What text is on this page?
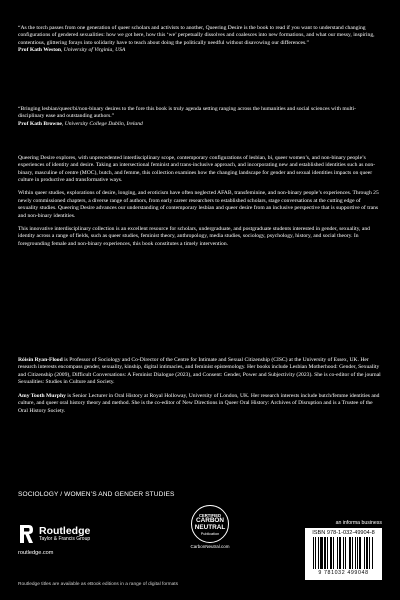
“As the torch passes from one generation of queer scholars and activists to another, Queering Desire is the book to read if you want to understand changing configurations of gendered sexualities: how we got here, how this ‘we’ perpetually dissolves and coalesces into new formations, and what our messy, inspiring, contentious, glittering forays into solidarity have to teach about doing the politically needful without disavowing our differences.”

Prof Kath Weston, University of Virginia, USA

“Bringing lesbian/queer/bi/non-binary desires to the fore this book is truly agenda setting ranging across the humanities and social sciences with multi-disciplinary ease and outstanding authors.”

Prof Kath Browne, University College Dublin, Ireland

Queering Desire explores, with unprecedented interdisciplinary scope, contemporary configurations of lesbian, bi, queer women’s, and non-binary people’s experiences of identity and desire. Taking an intersectional feminist and trans-inclusive approach, and incorporating new and established identities such as non-binary, masculine of centre (MOC), butch, and femme, this collection examines how the changing landscape for gender and sexual identities impacts on queer culture in productive and transformative ways.

Within queer studies, explorations of desire, longing, and eroticism have often neglected AFAB, transfeminine, and non-binary people’s experiences. Through 25 newly commissioned chapters, a diverse range of authors, from early career researchers to established scholars, stage conversations at the cutting edge of sexuality studies. Queering Desire advances our understanding of contemporary lesbian and queer desire from an inclusive perspective that is supportive of trans and non-binary identities.

This innovative interdisciplinary collection is an excellent resource for scholars, undergraduate, and postgraduate students interested in gender, sexuality, and identity across a range of fields, such as queer studies, feminist theory, anthropology, media studies, sociology, psychology, history, and social theory. In foregrounding female and non-binary experiences, this book constitutes a timely intervention.

Róisín Ryan-Flood is Professor of Sociology and Co-Director of the Centre for Intimate and Sexual Citizenship (CISC) at the University of Essex, UK. Her research interests encompass gender, sexuality, kinship, digital intimacies, and feminist epistemology. Her books include Lesbian Motherhood: Gender, Sexuality and Citizenship (2009), Difficult Conversations: A Feminist Dialogue (2023), and Consent: Gender, Power and Subjectivity (2023). She is co-editor of the journal Sexualities: Studies in Culture and Society.

Amy Tooth Murphy is Senior Lecturer in Oral History at Royal Holloway, University of London, UK. Her research interests include butch/femme identities and culture, and queer oral history theory and method. She is the co-editor of New Directions in Queer Oral History: Archives of Disruption and is a Trustee of the Oral History Society.

SOCIOLOGY / WOMEN’S AND GENDER STUDIES
Routledge
Taylor & Francis Group
routledge.com
CERTIFIED
CARBON
NEUTRAL
Publication
CarbonNeutral.com
an informa business
ISBN 978-1-032-49904-8
9 781032 499048
Routledge titles are available as eBook editions in a range of digital formats
